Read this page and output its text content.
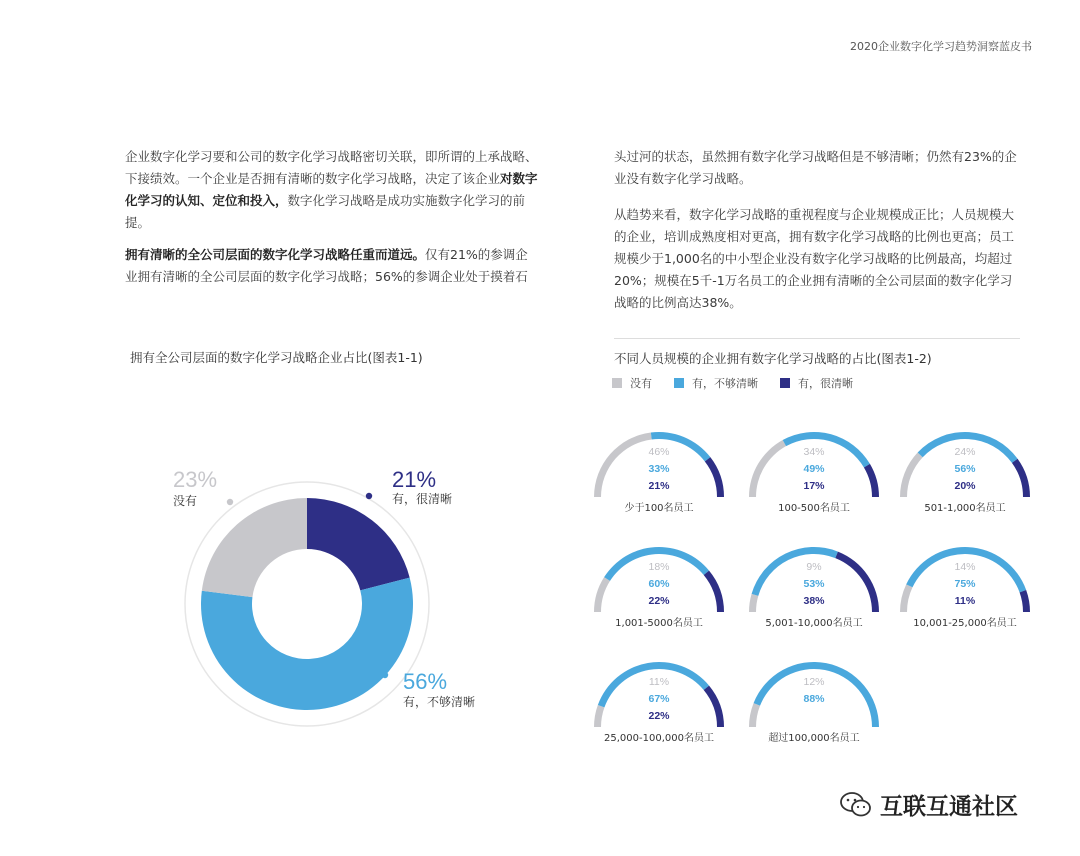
2020企业数字化学习趋势洞察蓝皮书

企业数字化学习要和公司的数字化学习战略密切关联，即所谓的上承战略、下接绩效。一个企业是否拥有清晰的数字化学习战略，决定了该企业对数字化学习的认知、定位和投入，数字化学习战略是成功实施数字化学习的前提。

拥有清晰的全公司层面的数字化学习战略任重而道远。仅有21%的参调企业拥有清晰的全公司层面的数字化学习战略；56%的参调企业处于摸着石

头过河的状态，虽然拥有数字化学习战略但是不够清晰；仍然有23%的企业没有数字化学习战略。

从趋势来看，数字化学习战略的重视程度与企业规模成正比；人员规模大的企业，培训成熟度相对更高，拥有数字化学习战略的比例也更高；员工规模少于1,000名的中小型企业没有数字化学习战略的比例最高，均超过20%；规模在5千-1万名员工的企业拥有清晰的全公司层面的数字化学习战略的比例高达38%。

拥有全公司层面的数字化学习战略企业占比(图表1-1)	不同人员规模的企业拥有数字化学习战略的占比(图表1-2)
没有	有，不够清晰	有，很清晰
21%
有，很清晰
56%
有，不够清晰
23%
没有
46%
33%
21%
少于100名员工
34%
49%
17%
100-500名员工
24%
56%
20%
501-1,000名员工
18%
60%
22%
1,001-5000名员工
9%
53%
38%
5,001-10,000名员工
14%
75%
11%
10,001-25,000名员工
11%
67%
22%
25,000-100,000名员工
12%
88%
超过100,000名员工
互联互通社区
